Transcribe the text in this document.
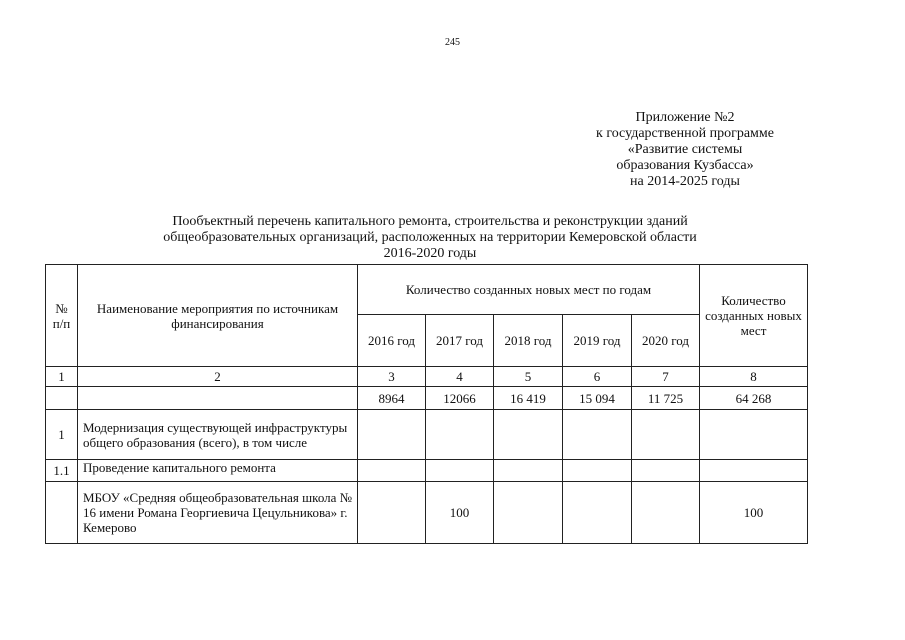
245
Приложение №2
к государственной программе
«Развитие системы
образования Кузбасса»
на 2014-2025 годы
Пообъектный перечень капитального ремонта, строительства и реконструкции зданий
общеобразовательных организаций, расположенных на территории Кемеровской области
2016-2020 годы
№ п/п	Наименование мероприятия по источникам финансирования	Количество созданных новых мест по годам					Количество созданных новых мест

		2016 год	2017 год	2018 год	2019 год	2020 год	
1	2	3	4	5	6	7	8
		8964	12066	16 419	15 094	11 725	64 268
1	Модернизация существующей инфраструктуры общего образования (всего), в том числе						
1.1	Проведение капитального ремонта						
	МБОУ «Средняя общеобразовательная школа № 16 имени Романа Георгиевича Цецульникова» г. Кемерово		100				100
